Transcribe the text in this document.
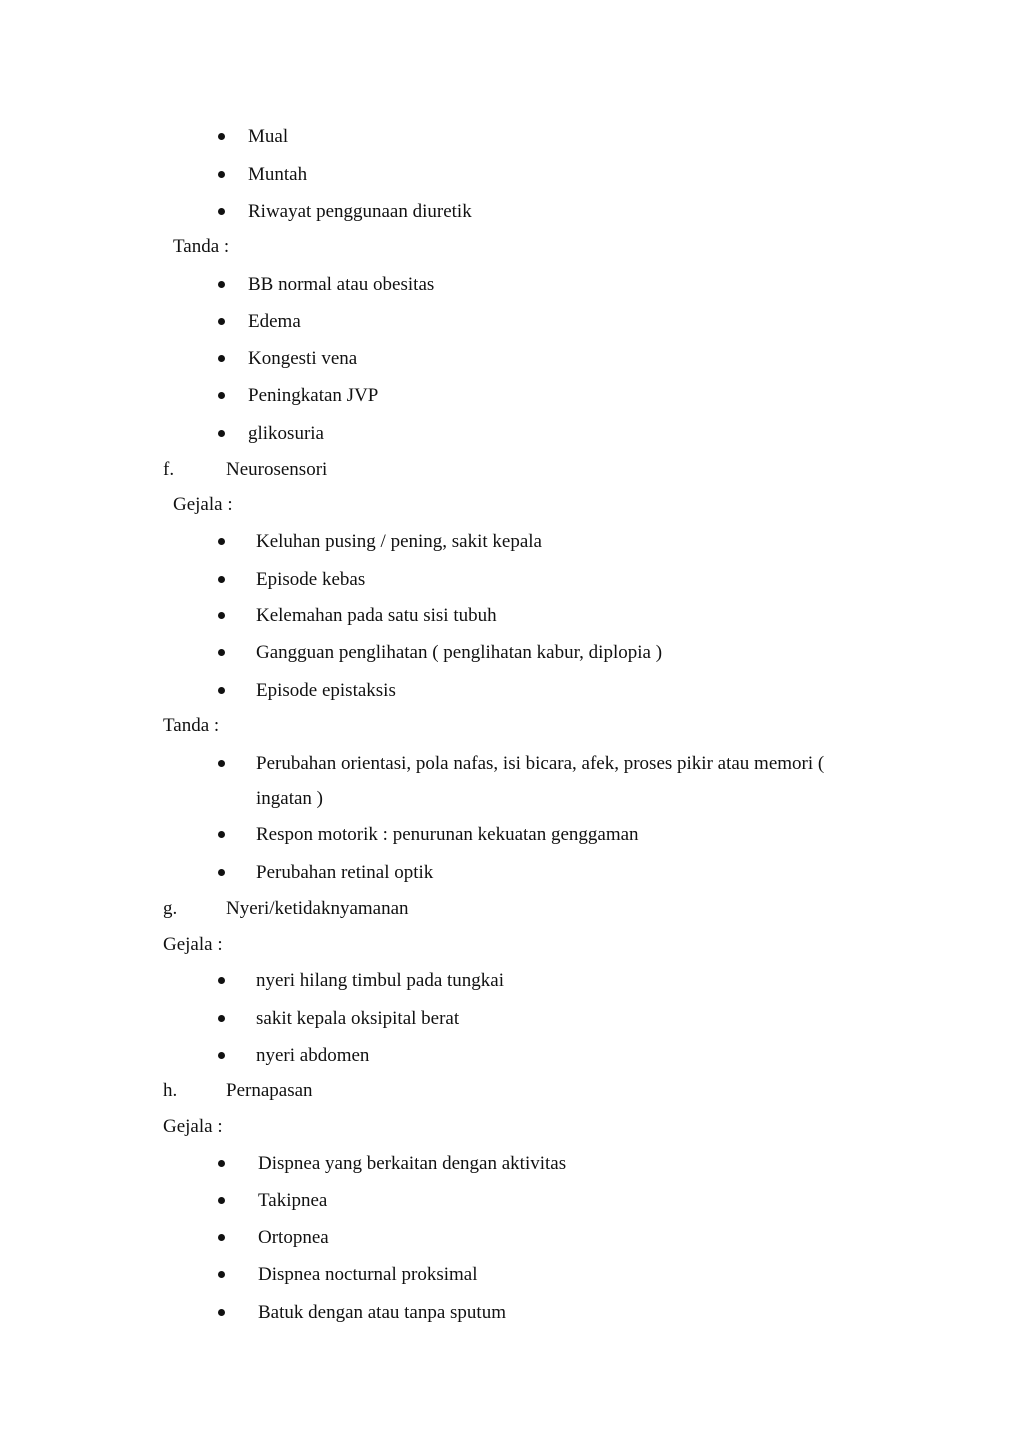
Mual
Muntah
Riwayat penggunaan diuretik
Tanda :
BB normal atau obesitas
Edema
Kongesti vena
Peningkatan JVP
glikosuria
f.	Neurosensori
Gejala :
Keluhan pusing / pening, sakit kepala
Episode kebas
Kelemahan pada satu sisi tubuh
Gangguan penglihatan ( penglihatan kabur, diplopia )
Episode epistaksis
Tanda :
Perubahan orientasi, pola nafas, isi bicara, afek, proses pikir atau memori (
ingatan )
Respon motorik : penurunan kekuatan genggaman
Perubahan retinal optik
g.	Nyeri/ketidaknyamanan
Gejala :
nyeri hilang timbul pada tungkai
sakit kepala oksipital berat
nyeri abdomen
h.	Pernapasan
Gejala :
Dispnea yang berkaitan dengan aktivitas
Takipnea
Ortopnea
Dispnea nocturnal proksimal
Batuk dengan atau tanpa sputum
